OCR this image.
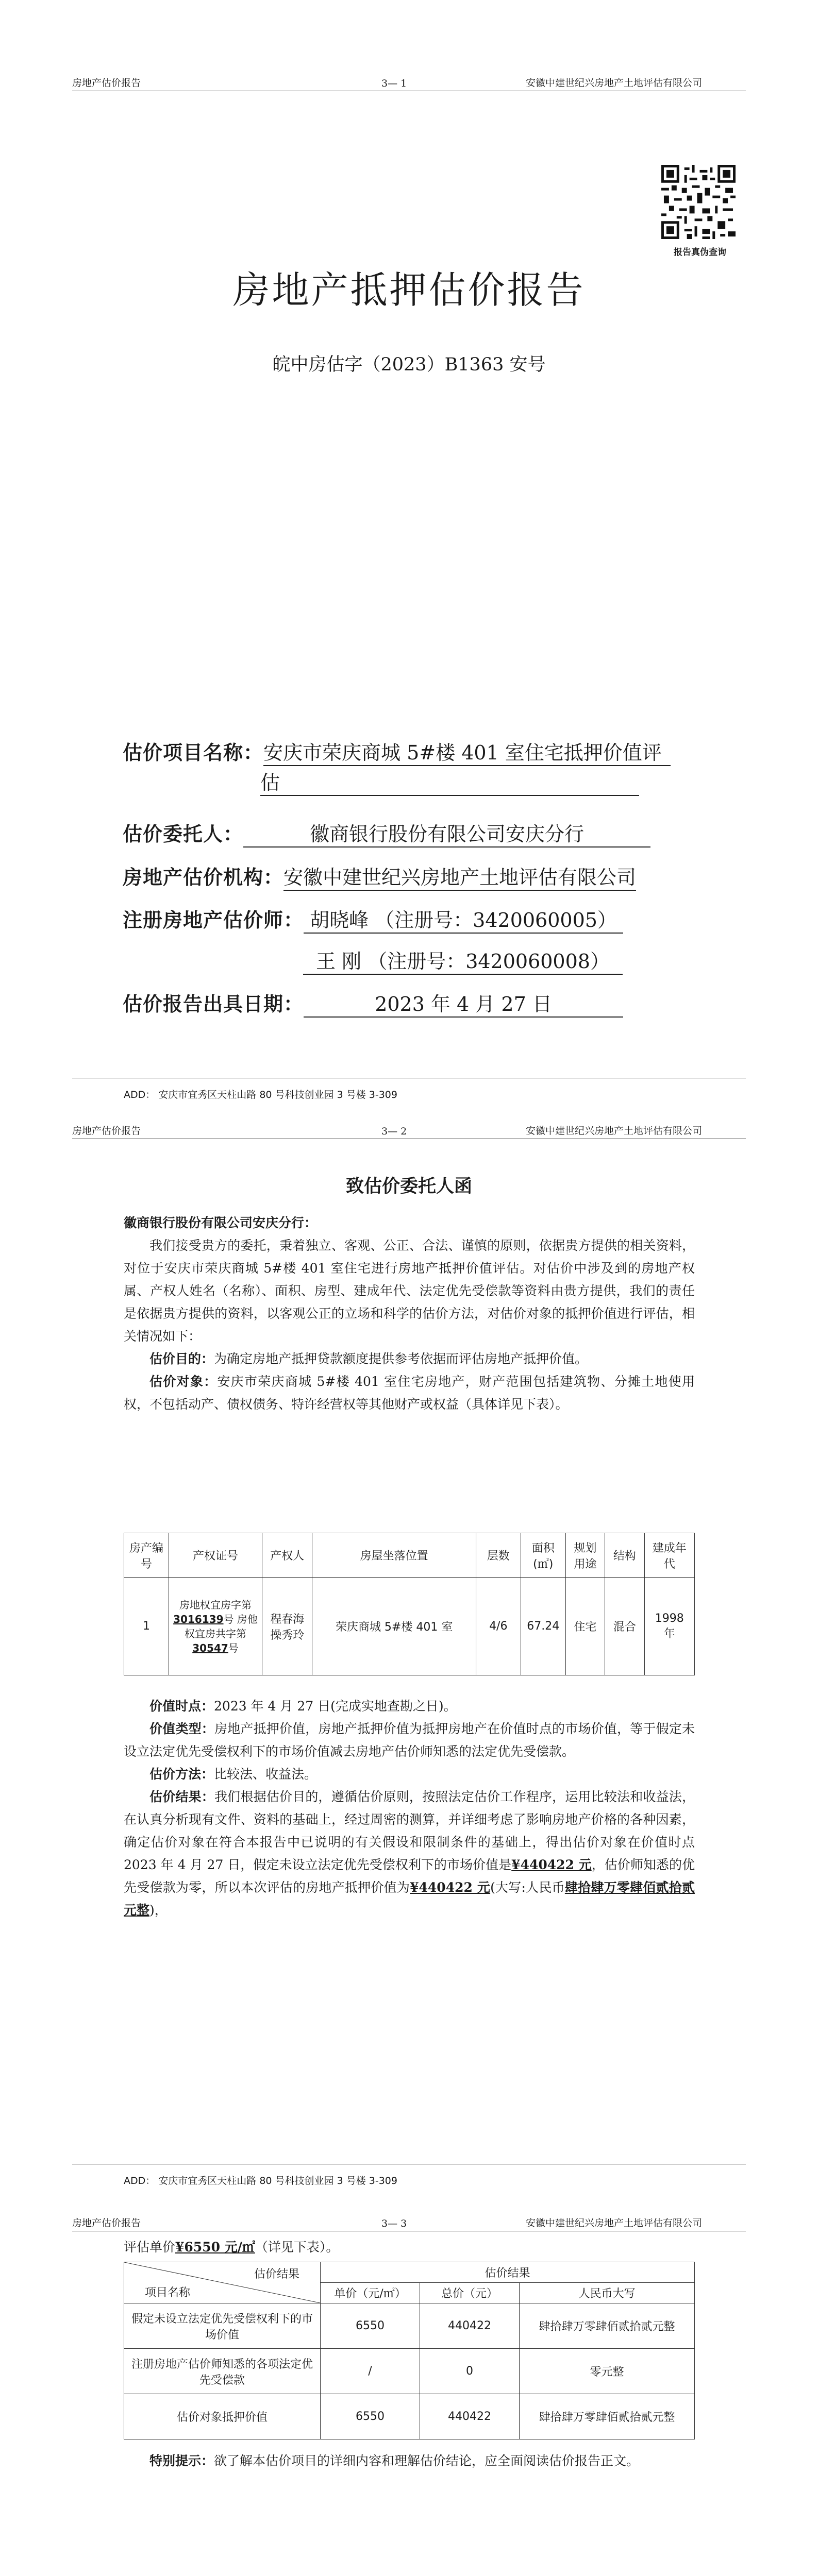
房地产估价报告	3— 1	安徽中建世纪兴房地产土地评估有限公司
报告真伪查询
房地产抵押估价报告
皖中房估字（2023）B1363 安号
估价项目名称：安庆市荣庆商城 5#楼 401 室住宅抵押价值评
估
估价委托人：	徽商银行股份有限公司安庆分行
房地产估价机构：安徽中建世纪兴房地产土地评估有限公司
注册房地产估价师： 胡晓峰 （注册号：3420060005）
王 刚 （注册号：3420060008）
估价报告出具日期：	2023 年 4 月 27 日
ADD： 安庆市宜秀区天柱山路 80 号科技创业园 3 号楼 3-309
房地产估价报告	3— 2	安徽中建世纪兴房地产土地评估有限公司
致估价委托人函
徽商银行股份有限公司安庆分行：

我们接受贵方的委托，秉着独立、客观、公正、合法、谨慎的原则，依据贵方提供的相关资料，对位于安庆市荣庆商城 5#楼 401 室住宅进行房地产抵押价值评估。对估价中涉及到的房地产权属、产权人姓名（名称）、面积、房型、建成年代、法定优先受偿款等资料由贵方提供，我们的责任是依据贵方提供的资料，以客观公正的立场和科学的估价方法，对估价对象的抵押价值进行评估，相关情况如下：

估价目的：为确定房地产抵押贷款额度提供参考依据而评估房地产抵押价值。

估价对象：安庆市荣庆商城 5#楼 401 室住宅房地产，财产范围包括建筑物、分摊土地使用权，不包括动产、债权债务、特许经营权等其他财产或权益（具体详见下表）。

房产编号	产权证号	产权人	房屋坐落位置	层数	面积(㎡)	规划用途	结构	建成年代
1	房地权宜房字第3016139号 房他权宜房共字第30547号	程春海操秀玲	荣庆商城 5#楼 401 室	4/6	67.24	住宅	混合	1998 年

价值时点：2023 年 4 月 27 日(完成实地查勘之日)。

价值类型：房地产抵押价值，房地产抵押价值为抵押房地产在价值时点的市场价值，等于假定未设立法定优先受偿权利下的市场价值减去房地产估价师知悉的法定优先受偿款。

估价方法：比较法、收益法。

估价结果：我们根据估价目的，遵循估价原则，按照法定估价工作程序，运用比较法和收益法，在认真分析现有文件、资料的基础上，经过周密的测算，并详细考虑了影响房地产价格的各种因素，确定估价对象在符合本报告中已说明的有关假设和限制条件的基础上，得出估价对象在价值时点 2023 年 4 月 27 日，假定未设立法定优先受偿权利下的市场价值是¥440422 元，估价师知悉的优先受偿款为零，所以本次评估的房地产抵押价值为¥440422 元(大写:人民币肆拾肆万零肆佰贰拾贰元整)，

ADD： 安庆市宜秀区天柱山路 80 号科技创业园 3 号楼 3-309
房地产估价报告	3— 3	安徽中建世纪兴房地产土地评估有限公司
评估单价¥6550 元/㎡（详见下表）。
估价结果
项目名称	估价结果		
	单价（元/㎡）	总价（元）	人民币大写
假定未设立法定优先受偿权利下的市场价值	6550	440422	肆拾肆万零肆佰贰拾贰元整
注册房地产估价师知悉的各项法定优先受偿款	/	0	零元整
估价对象抵押价值	6550	440422	肆拾肆万零肆佰贰拾贰元整

特别提示：欲了解本估价项目的详细内容和理解估价结论，应全面阅读估价报告正文。
